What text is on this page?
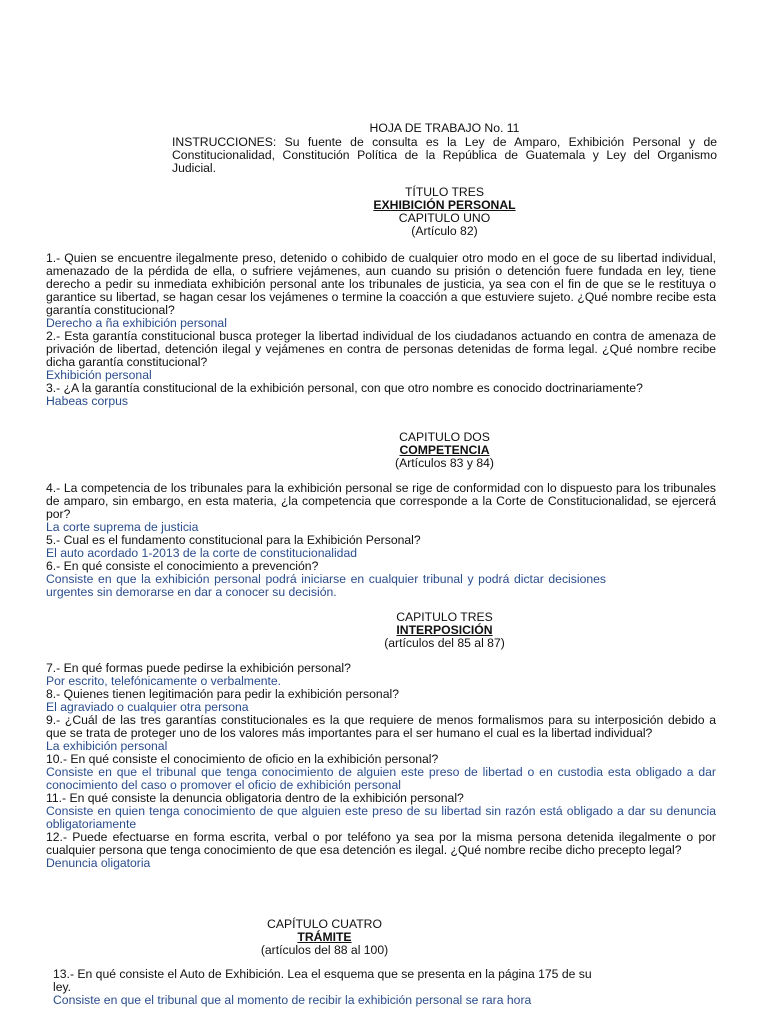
HOJA DE TRABAJO No. 11
INSTRUCCIONES: Su fuente de consulta es la Ley de Amparo, Exhibición Personal y de Constitucionalidad, Constitución Política de la República de Guatemala y Ley del Organismo Judicial.
TÍTULO TRES
EXHIBICIÓN PERSONAL
CAPITULO UNO
(Artículo 82)
1.- Quien se encuentre ilegalmente preso, detenido o cohibido de cualquier otro modo en el goce de su libertad individual, amenazado de la pérdida de ella, o sufriere vejámenes, aun cuando su prisión o detención fuere fundada en ley, tiene derecho a pedir su inmediata exhibición personal ante los tribunales de justicia, ya sea con el fin de que se le restituya o garantice su libertad, se hagan cesar los vejámenes o termine la coacción a que estuviere sujeto. ¿Qué nombre recibe esta garantía constitucional?
Derecho a ña exhibición personal
2.- Esta garantía constitucional busca proteger la libertad individual de los ciudadanos actuando en contra de amenaza de privación de libertad, detención ilegal y vejámenes en contra de personas detenidas de forma legal. ¿Qué nombre recibe dicha garantía constitucional?
Exhibición personal
3.- ¿A la garantía constitucional de la exhibición personal, con que otro nombre es conocido doctrinariamente?
Habeas corpus
CAPITULO DOS
COMPETENCIA
(Artículos 83 y 84)
4.- La competencia de los tribunales para la exhibición personal se rige de conformidad con lo dispuesto para los tribunales de amparo, sin embargo, en esta materia, ¿la competencia que corresponde a la Corte de Constitucionalidad, se ejercerá por?
La corte suprema de justicia
5.- Cual es el fundamento constitucional para la Exhibición Personal?
El auto acordado 1-2013 de la corte de constitucionalidad
6.- En qué consiste el conocimiento a prevención?
Consiste en que la exhibición personal podrá iniciarse en cualquier tribunal y podrá dictar decisiones urgentes sin demorarse en dar a conocer su decisión.
CAPITULO TRES
INTERPOSICIÓN
(artículos del 85 al 87)
7.- En qué formas puede pedirse la exhibición personal?
Por escrito, telefónicamente o verbalmente.
8.- Quienes tienen legitimación para pedir la exhibición personal?
El agraviado o cualquier otra persona
9.- ¿Cuál de las tres garantías constitucionales es la que requiere de menos formalismos para su interposición debido a que se trata de proteger uno de los valores más importantes para el ser humano el cual es la libertad individual?
La exhibición personal
10.- En qué consiste el conocimiento de oficio en la exhibición personal?
Consiste en que el tribunal que tenga conocimiento de alguien este preso de libertad o en custodia esta obligado a dar conocimiento del caso o promover el oficio de exhibición personal
11.- En qué consiste la denuncia obligatoria dentro de la exhibición personal?
Consiste en quien tenga conocimiento de que alguien este preso de su libertad sin razón está obligado a dar su denuncia obligatoriamente
12.- Puede efectuarse en forma escrita, verbal o por teléfono ya sea por la misma persona detenida ilegalmente o por cualquier persona que tenga conocimiento de que esa detención es ilegal. ¿Qué nombre recibe dicho precepto legal?
Denuncia oligatoria
CAPÍTULO CUATRO
TRÁMITE
(artículos del 88 al 100)
13.- En qué consiste el Auto de Exhibición. Lea el esquema que se presenta en la página 175 de su ley.
Consiste en que el tribunal que al momento de recibir la exhibición personal se rara hora
